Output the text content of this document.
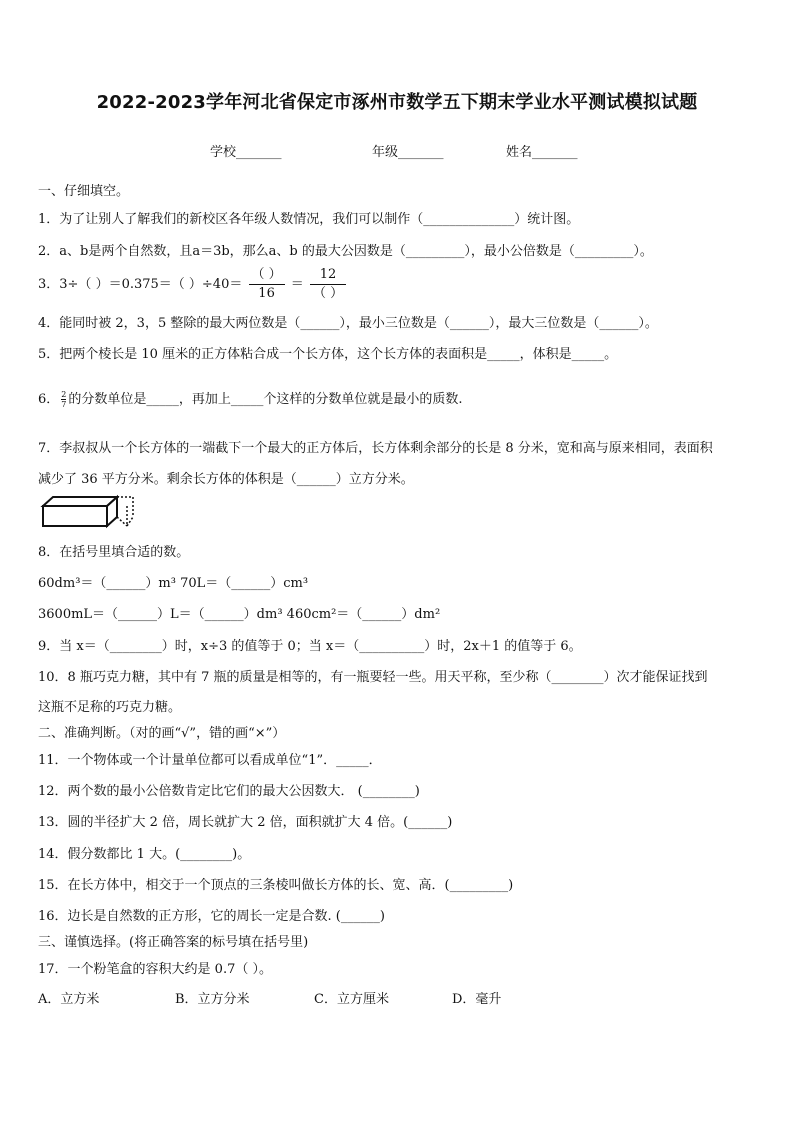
2022-2023学年河北省保定市涿州市数学五下期末学业水平测试模拟试题
学校_______	年级_______	姓名_______
一、仔细填空。
1．为了让别人了解我们的新校区各年级人数情况，我们可以制作（______________）统计图。
2．a、b是两个自然数，且a＝3b，那么a、b 的最大公因数是（_________），最小公倍数是（_________）。
3．3÷（ ）＝0.375＝（ ）$\div 40= \frac{( )}{16} = \frac{12}{( )}$
4．能同时被 2，3，5 整除的最大两位数是（______），最小三位数是（______），最大三位数是（______）。
5．把两个棱长是 10 厘米的正方体粘合成一个长方体，这个长方体的表面积是_____，体积是_____。
6． $\frac{2}{7}$ 的分数单位是_____，再加上_____个这样的分数单位就是最小的质数.
7．李叔叔从一个长方体的一端截下一个最大的正方体后，长方体剩余部分的长是 8 分米，宽和高与原来相同，表面积
减少了 36 平方分米。剩余长方体的体积是（______）立方分米。
8．在括号里填合适的数。
60dm³＝（______）m³ 70L＝（______）cm³
3600mL＝（______）L＝（______）dm³ 460cm²＝（______）dm²
9．当 x＝（________）时，x÷3 的值等于 0；当 x＝（__________）时，2x＋1 的值等于 6。
10．8 瓶巧克力糖，其中有 7 瓶的质量是相等的，有一瓶要轻一些。用天平称，至少称（________）次才能保证找到
这瓶不足称的巧克力糖。
二、准确判断。（对的画“√”，错的画“×”）
11．一个物体或一个计量单位都可以看成单位“1”．_____．
12．两个数的最小公倍数肯定比它们的最大公因数大． (________)
13．圆的半径扩大 2 倍，周长就扩大 2 倍，面积就扩大 4 倍。(______)
14．假分数都比 1 大。(________)。
15．在长方体中，相交于一个顶点的三条棱叫做长方体的长、宽、高．(_________)
16．边长是自然数的正方形，它的周长一定是合数. (______)
三、谨慎选择。(将正确答案的标号填在括号里)
17．一个粉笔盒的容积大约是 0.7（ ）。
A．立方米	B．立方分米	C．立方厘米	D．毫升
